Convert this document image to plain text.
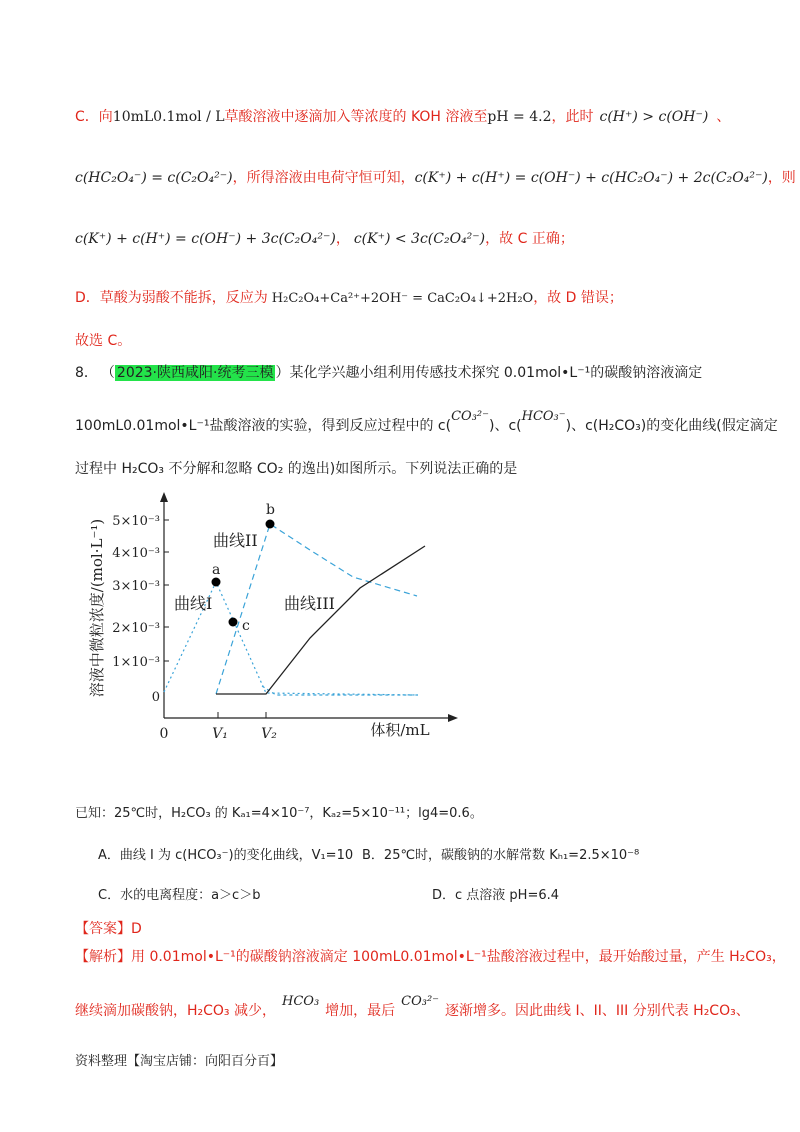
C．向10mL0.1mol / L草酸溶液中逐滴加入等浓度的 KOH 溶液至pH = 4.2，此时 c(H⁺) > c(OH⁻) 、
c(HC₂O₄⁻) = c(C₂O₄²⁻)，所得溶液由电荷守恒可知，c(K⁺) + c(H⁺) = c(OH⁻) + c(HC₂O₄⁻) + 2c(C₂O₄²⁻)，则
c(K⁺) + c(H⁺) = c(OH⁻) + 3c(C₂O₄²⁻)， c(K⁺) < 3c(C₂O₄²⁻)，故 C 正确；
D．草酸为弱酸不能拆，反应为 H₂C₂O₄+Ca²⁺+2OH⁻ = CaC₂O₄↓+2H₂O，故 D 错误；
故选 C。
8． （ 2023·陕西咸阳·统考三模 ）某化学兴趣小组利用传感技术探究 0.01mol•L⁻¹的碳酸钠溶液滴定
100mL0.01mol•L⁻¹盐酸溶液的实验，得到反应过程中的 c(CO₃²⁻)、c(HCO₃⁻)、c(H₂CO₃)的变化曲线(假定滴定
过程中 H₂CO₃ 不分解和忽略 CO₂ 的逸出)如图所示。下列说法正确的是
5×10⁻³
4×10⁻³
3×10⁻³
2×10⁻³
1×10⁻³
0
溶液中微粒浓度/(mol·L⁻¹)
0	V₁ V₂	体积/mL
a
c
b
曲线I
曲线II
曲线III
已知：25℃时，H₂CO₃ 的 Kₐ₁=4×10⁻⁷，Kₐ₂=5×10⁻¹¹；lg4=0.6。
A．曲线 I 为 c(HCO₃⁻)的变化曲线，V₁=10 B．25℃时，碳酸钠的水解常数 Kₕ₁=2.5×10⁻⁸
C．水的电离程度：a＞c＞b	D．c 点溶液 pH=6.4
【答案】D
【解析】用 0.01mol•L⁻¹的碳酸钠溶液滴定 100mL0.01mol•L⁻¹盐酸溶液过程中，最开始酸过量，产生 H₂CO₃，
继续滴加碳酸钠，H₂CO₃ 减少，HCO₃增加，最后CO₃²⁻逐渐增多。因此曲线 I、II、III 分别代表 H₂CO₃、
资料整理【淘宝店铺：向阳百分百】
